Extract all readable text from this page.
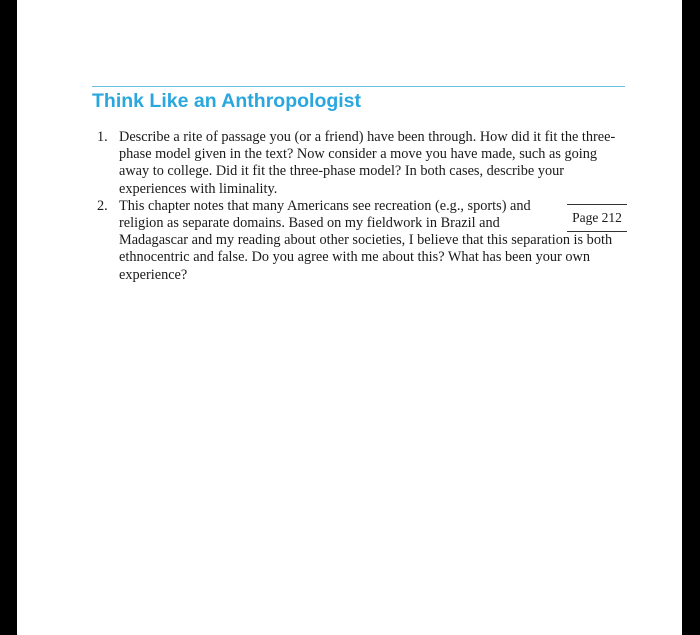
Think Like an Anthropologist
1. Describe a rite of passage you (or a friend) have been through. How did it fit the three-phase model given in the text? Now consider a move you have made, such as going away to college. Did it fit the three-phase model? In both cases, describe your experiences with liminality.
2.
Page 212
This chapter notes that many Americans see recreation (e.g., sports) and religion as separate domains. Based on my fieldwork in Brazil and Madagascar and my reading about other societies, I believe that this separation is both ethnocentric and false. Do you agree with me about this? What has been your own experience?
